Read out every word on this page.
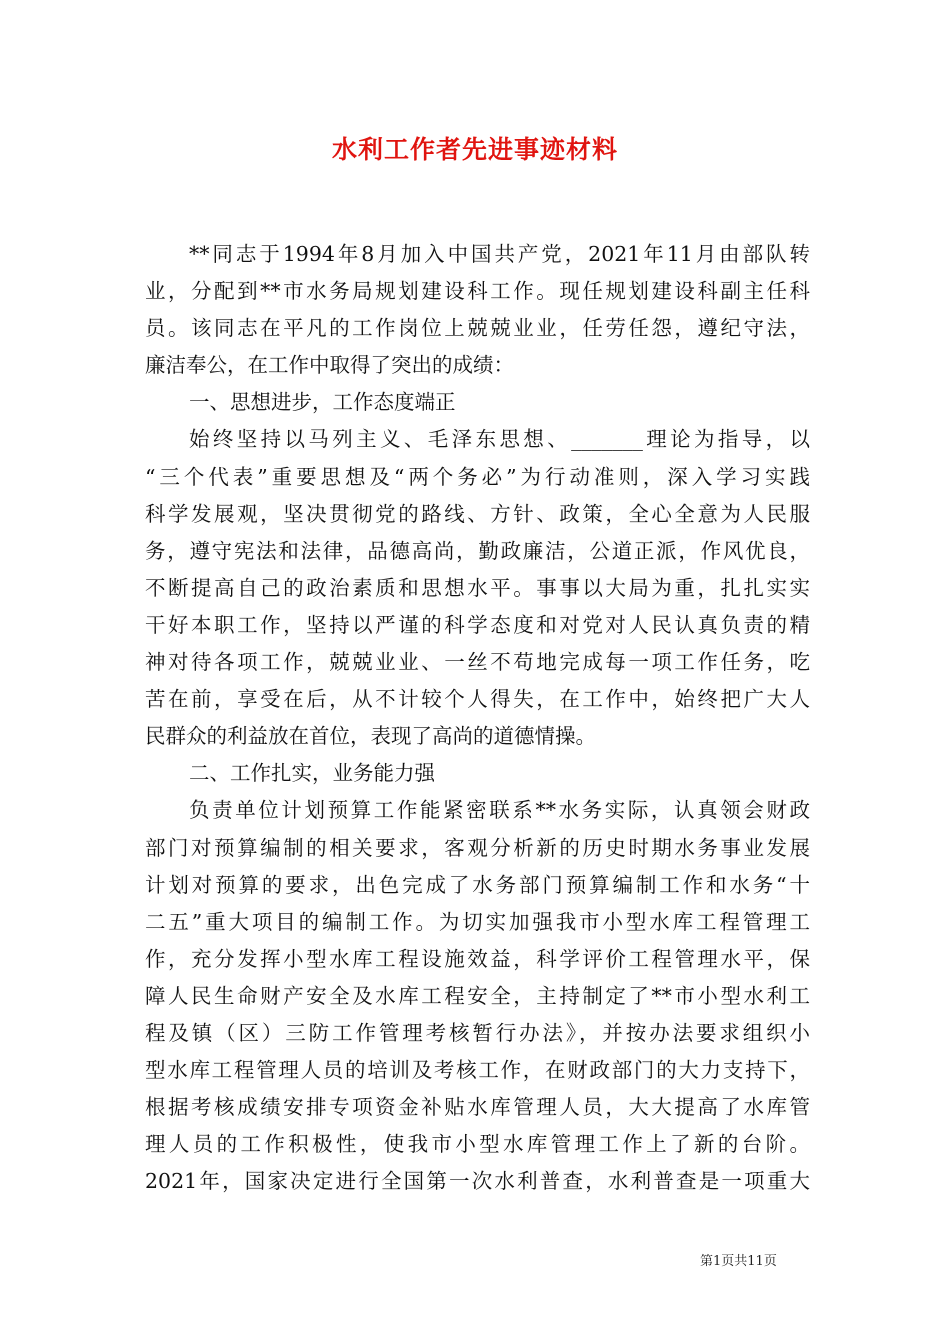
水利工作者先进事迹材料
**同志于1994年8月加入中国共产党，2021年11月由部队转
业，分配到**市水务局规划建设科工作。现任规划建设科副主任科
员。该同志在平凡的工作岗位上兢兢业业，任劳任怨，遵纪守法，
廉洁奉公，在工作中取得了突出的成绩：
一、思想进步，工作态度端正
始终坚持以马列主义、毛泽东思想、_______理论为指导，以
“三个代表”重要思想及“两个务必”为行动准则，深入学习实践
科学发展观，坚决贯彻党的路线、方针、政策，全心全意为人民服
务，遵守宪法和法律，品德高尚，勤政廉洁，公道正派，作风优良，
不断提高自己的政治素质和思想水平。事事以大局为重，扎扎实实
干好本职工作，坚持以严谨的科学态度和对党对人民认真负责的精
神对待各项工作，兢兢业业、一丝不苟地完成每一项工作任务，吃
苦在前，享受在后，从不计较个人得失，在工作中，始终把广大人
民群众的利益放在首位，表现了高尚的道德情操。
二、工作扎实，业务能力强
负责单位计划预算工作能紧密联系**水务实际，认真领会财政
部门对预算编制的相关要求，客观分析新的历史时期水务事业发展
计划对预算的要求，出色完成了水务部门预算编制工作和水务“十
二五”重大项目的编制工作。为切实加强我市小型水库工程管理工
作，充分发挥小型水库工程设施效益，科学评价工程管理水平，保
障人民生命财产安全及水库工程安全，主持制定了**市小型水利工
程及镇（区）三防工作管理考核暂行办法》，并按办法要求组织小
型水库工程管理人员的培训及考核工作，在财政部门的大力支持下，
根据考核成绩安排专项资金补贴水库管理人员，大大提高了水库管
理人员的工作积极性，使我市小型水库管理工作上了新的台阶。
2021年，国家决定进行全国第一次水利普查，水利普查是一项重大
第1页共11页
